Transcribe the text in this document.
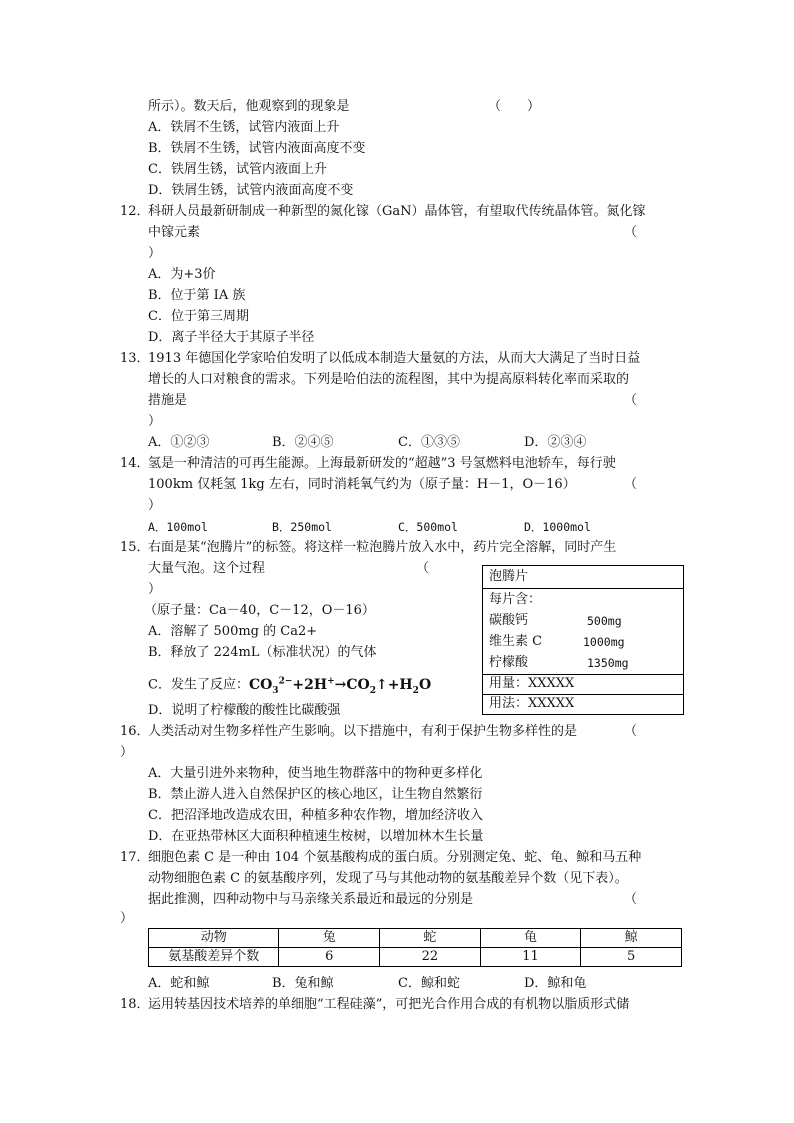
所示）。数天后，他观察到的现象是	（　　）
A．铁屑不生锈，试管内液面上升
B．铁屑不生锈，试管内液面高度不变
C．铁屑生锈，试管内液面上升
D．铁屑生锈，试管内液面高度不变
12．
科研人员最新研制成一种新型的氮化镓（GaN）晶体管，有望取代传统晶体管。氮化镓
中镓元素	（
）
A．为+3价
B．位于第 IA 族
C．位于第三周期
D．离子半径大于其原子半径
13．
1913 年德国化学家哈伯发明了以低成本制造大量氨的方法，从而大大满足了当时日益
增长的人口对粮食的需求。下列是哈伯法的流程图，其中为提高原料转化率而采取的
措施是	（
）
A．①②③	B．②④⑤	C．①③⑤	D．②③④
14．
氢是一种清洁的可再生能源。上海最新研发的“超越”3 号氢燃料电池轿车，每行驶
100km 仅耗氢 1kg 左右，同时消耗氧气约为（原子量：H－1，O－16）	（
）
A．100mol	B．250mol	C．500mol	D．1000mol
15．
右面是某“泡腾片”的标签。将这样一粒泡腾片放入水中，药片完全溶解，同时产生
大量气泡。这个过程	（
）
（原子量：Ca－40，C－12，O－16）
A．溶解了 500mg 的 Ca2+
B．释放了 224mL（标准状况）的气体
C．发生了反应：$CO_3^{2-}+2H^+\to CO_2↑+H_2O$
D．说明了柠檬酸的酸性比碳酸强
泡腾片
每片含：
碳酸钙	500mg
维生素 C	1000mg
柠檬酸	1350mg
用量：XXXXX
用法：XXXXX
16．
人类活动对生物多样性产生影响。以下措施中，有利于保护生物多样性的是	（
）
A．大量引进外来物种，使当地生物群落中的物种更多样化
B．禁止游人进入自然保护区的核心地区，让生物自然繁衍
C．把沼泽地改造成农田，种植多种农作物，增加经济收入
D．在亚热带林区大面积种植速生桉树，以增加林木生长量
17．
细胞色素 C 是一种由 104 个氨基酸构成的蛋白质。分别测定兔、蛇、龟、鲸和马五种
动物细胞色素 C 的氨基酸序列，发现了马与其他动物的氨基酸差异个数（见下表）。
据此推测，四种动物中与马亲缘关系最近和最远的分别是	（
）
动物	兔	蛇	龟	鲸
氨基酸差异个数	6	22	11	5
A．蛇和鲸	B．兔和鲸	C．鲸和蛇	D．鲸和龟
18．
运用转基因技术培养的单细胞“工程硅藻”，可把光合作用合成的有机物以脂质形式储
